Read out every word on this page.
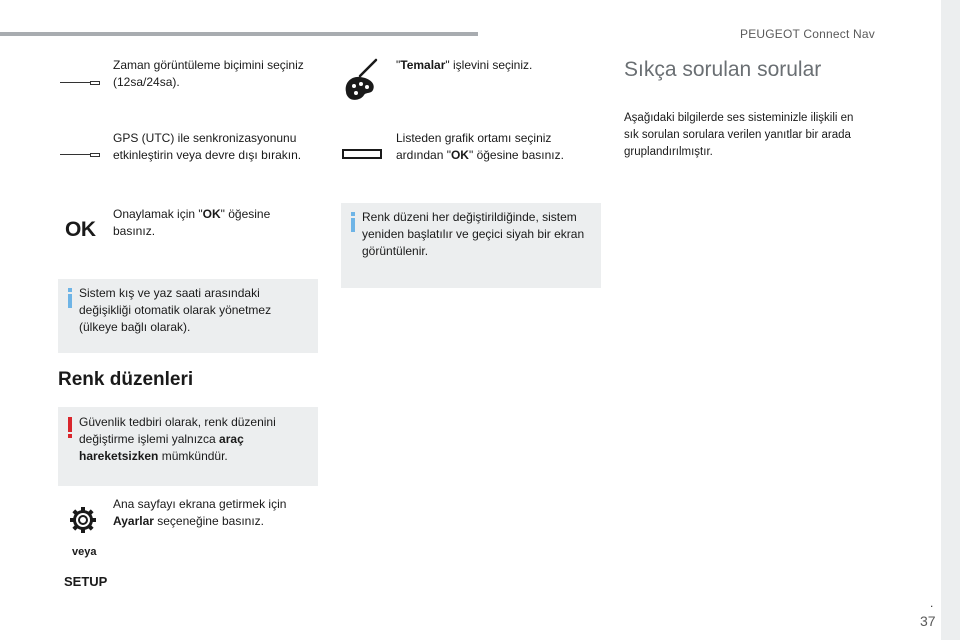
PEUGEOT Connect Nav
.
37
Zaman görüntüleme biçimini seçiniz
(12sa/24sa).
GPS (UTC) ile senkronizasyonunu
etkinleştirin veya devre dışı bırakın.
OK
Onaylamak için "OK" öğesine
basınız.
Sistem kış ve yaz saati arasındaki
değişikliği otomatik olarak yönetmez
(ülkeye bağlı olarak).
Renk düzenleri
Güvenlik tedbiri olarak, renk düzenini
değiştirme işlemi yalnızca araç
hareketsizken mümkündür.
veya
SETUP
Ana sayfayı ekrana getirmek için
Ayarlar seçeneğine basınız.
"Temalar" işlevini seçiniz.
Listeden grafik ortamı seçiniz
ardından "OK" öğesine basınız.
Renk düzeni her değiştirildiğinde, sistem
yeniden başlatılır ve geçici siyah bir ekran
görüntülenir.
Sıkça sorulan sorular
Aşağıdaki bilgilerde ses sisteminizle ilişkili en
sık sorulan sorulara verilen yanıtlar bir arada
gruplandırılmıştır.
